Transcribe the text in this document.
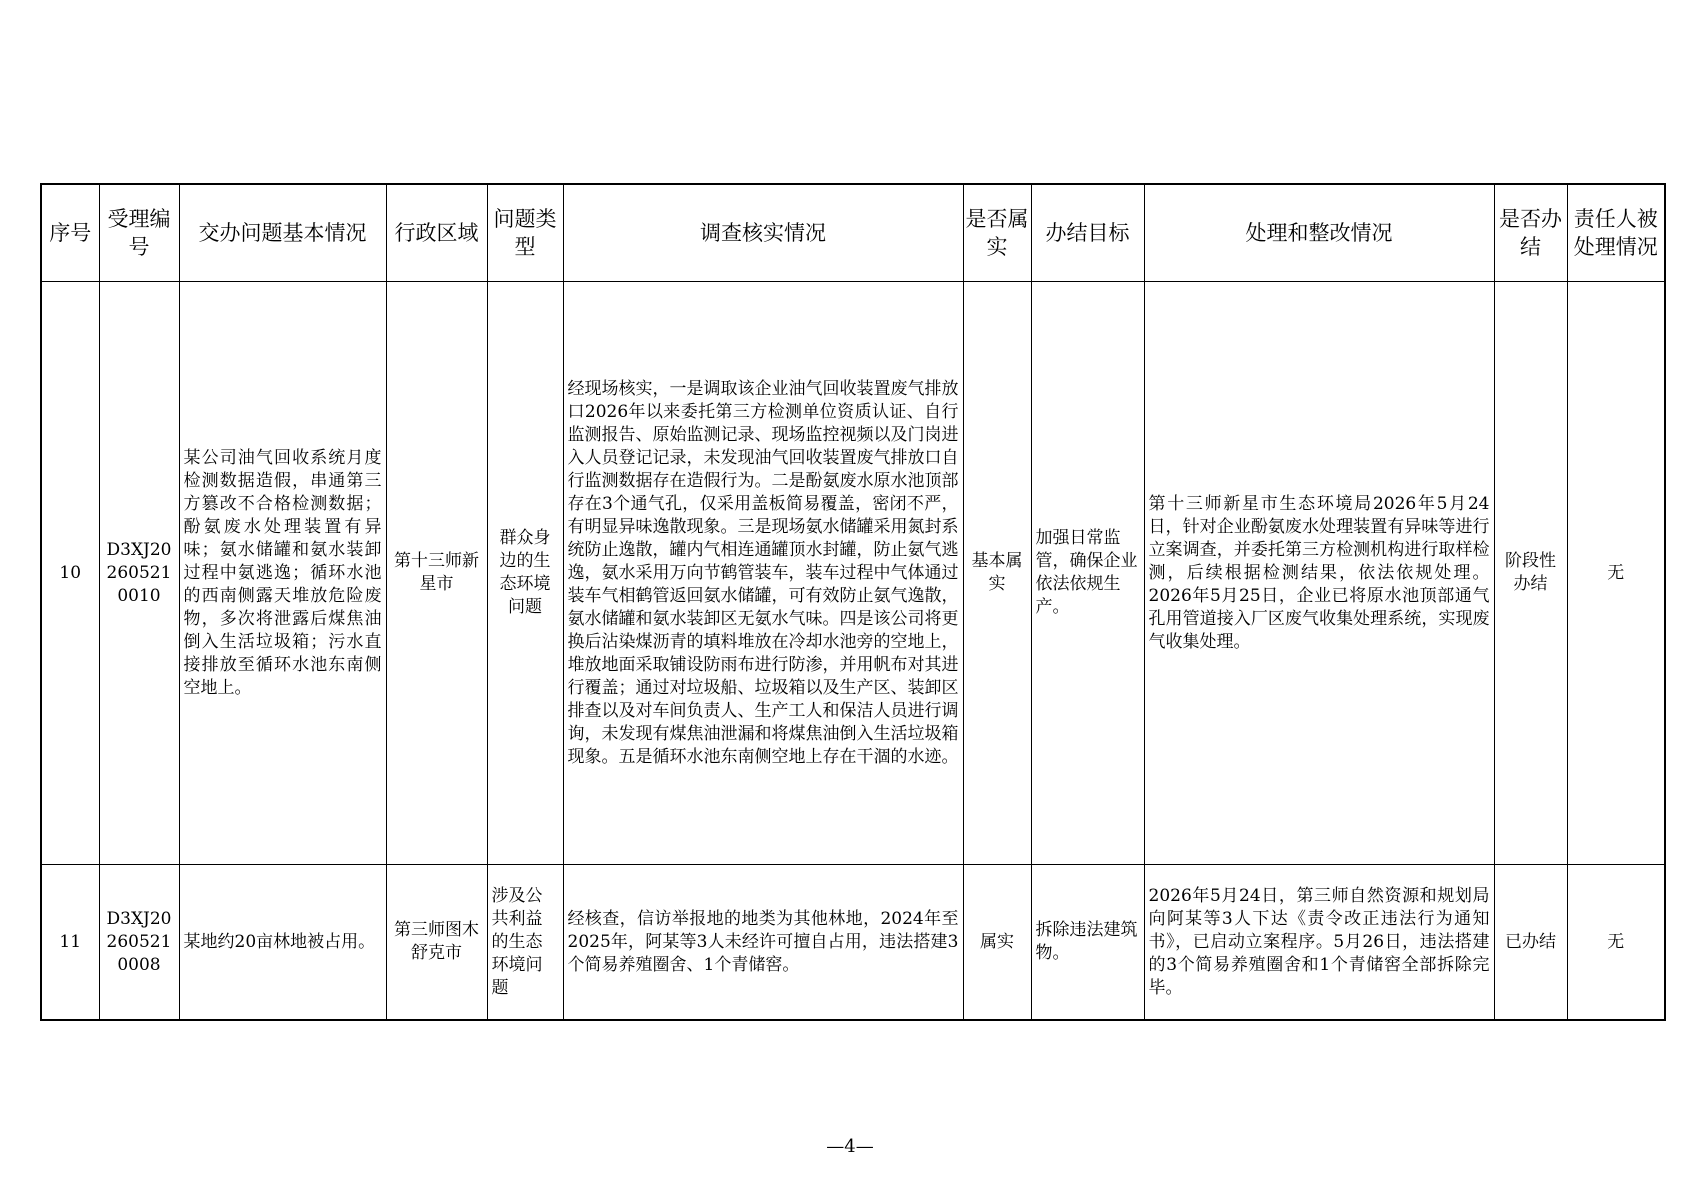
序号	受理编号	交办问题基本情况	行政区域	问题类型	调查核实情况	是否属实	办结目标	处理和整改情况	是否办结	责任人被处理情况
10	D3XJ202605210010	某公司油气回收系统月度检测数据造假，串通第三方篡改不合格检测数据；酚氨废水处理装置有异味；氨水储罐和氨水装卸过程中氨逃逸；循环水池的西南侧露天堆放危险废物，多次将泄露后煤焦油倒入生活垃圾箱；污水直接排放至循环水池东南侧空地上。	第十三师新星市	群众身边的生态环境问题	经现场核实，一是调取该企业油气回收装置废气排放口2026年以来委托第三方检测单位资质认证、自行监测报告、原始监测记录、现场监控视频以及门岗进入人员登记记录，未发现油气回收装置废气排放口自行监测数据存在造假行为。二是酚氨废水原水池顶部存在3个通气孔，仅采用盖板简易覆盖，密闭不严，有明显异味逸散现象。三是现场氨水储罐采用氮封系统防止逸散，罐内气相连通罐顶水封罐，防止氨气逃逸，氨水采用万向节鹤管装车，装车过程中气体通过装车气相鹤管返回氨水储罐，可有效防止氨气逸散，氨水储罐和氨水装卸区无氨水气味。四是该公司将更换后沾染煤沥青的填料堆放在冷却水池旁的空地上，堆放地面采取铺设防雨布进行防渗，并用帆布对其进行覆盖；通过对垃圾船、垃圾箱以及生产区、装卸区排查以及对车间负责人、生产工人和保洁人员进行调询，未发现有煤焦油泄漏和将煤焦油倒入生活垃圾箱现象。五是循环水池东南侧空地上存在干涸的水迹。	基本属实	加强日常监管，确保企业依法依规生产。	第十三师新星市生态环境局2026年5月24日，针对企业酚氨废水处理装置有异味等进行立案调查，并委托第三方检测机构进行取样检测，后续根据检测结果，依法依规处理。2026年5月25日，企业已将原水池顶部通气孔用管道接入厂区废气收集处理系统，实现废气收集处理。	阶段性办结	无
11	D3XJ202605210008	某地约20亩林地被占用。	第三师图木舒克市	涉及公共利益的生态环境问题	经核查，信访举报地的地类为其他林地，2024年至2025年，阿某等3人未经许可擅自占用，违法搭建3个简易养殖圈舍、1个青储窖。	属实	拆除违法建筑物。	2026年5月24日，第三师自然资源和规划局向阿某等3人下达《责令改正违法行为通知书》，已启动立案程序。5月26日，违法搭建的3个简易养殖圈舍和1个青储窖全部拆除完毕。	已办结	无
—4—
